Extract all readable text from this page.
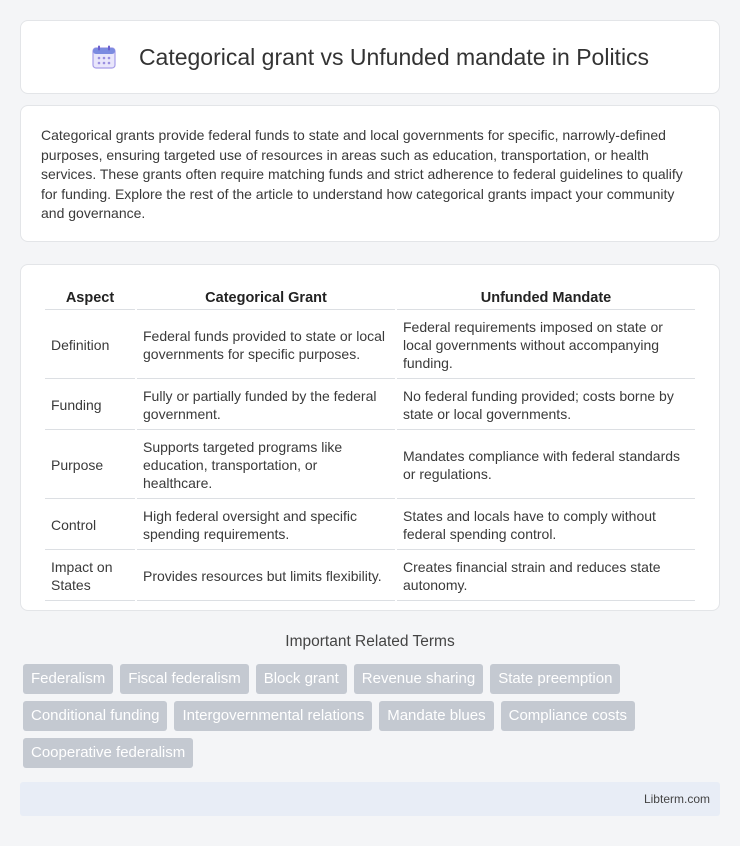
Categorical grant vs Unfunded mandate in Politics

Categorical grants provide federal funds to state and local governments for specific, narrowly-defined purposes, ensuring targeted use of resources in areas such as education, transportation, or health services. These grants often require matching funds and strict adherence to federal guidelines to qualify for funding. Explore the rest of the article to understand how categorical grants impact your community and governance.

Aspect	Categorical Grant	Unfunded Mandate
Definition	Federal funds provided to state or local governments for specific purposes.	Federal requirements imposed on state or local governments without accompanying funding.
Funding	Fully or partially funded by the federal government.	No federal funding provided; costs borne by state or local governments.
Purpose	Supports targeted programs like education, transportation, or healthcare.	Mandates compliance with federal standards or regulations.
Control	High federal oversight and specific spending requirements.	States and locals have to comply without federal spending control.
Impact on States	Provides resources but limits flexibility.	Creates financial strain and reduces state autonomy.
Important Related Terms
Federalism	Fiscal federalism	Block grant	Revenue sharing	State preemption
Conditional funding	Intergovernmental relations	Mandate blues	Compliance costs
Cooperative federalism
Libterm.com
